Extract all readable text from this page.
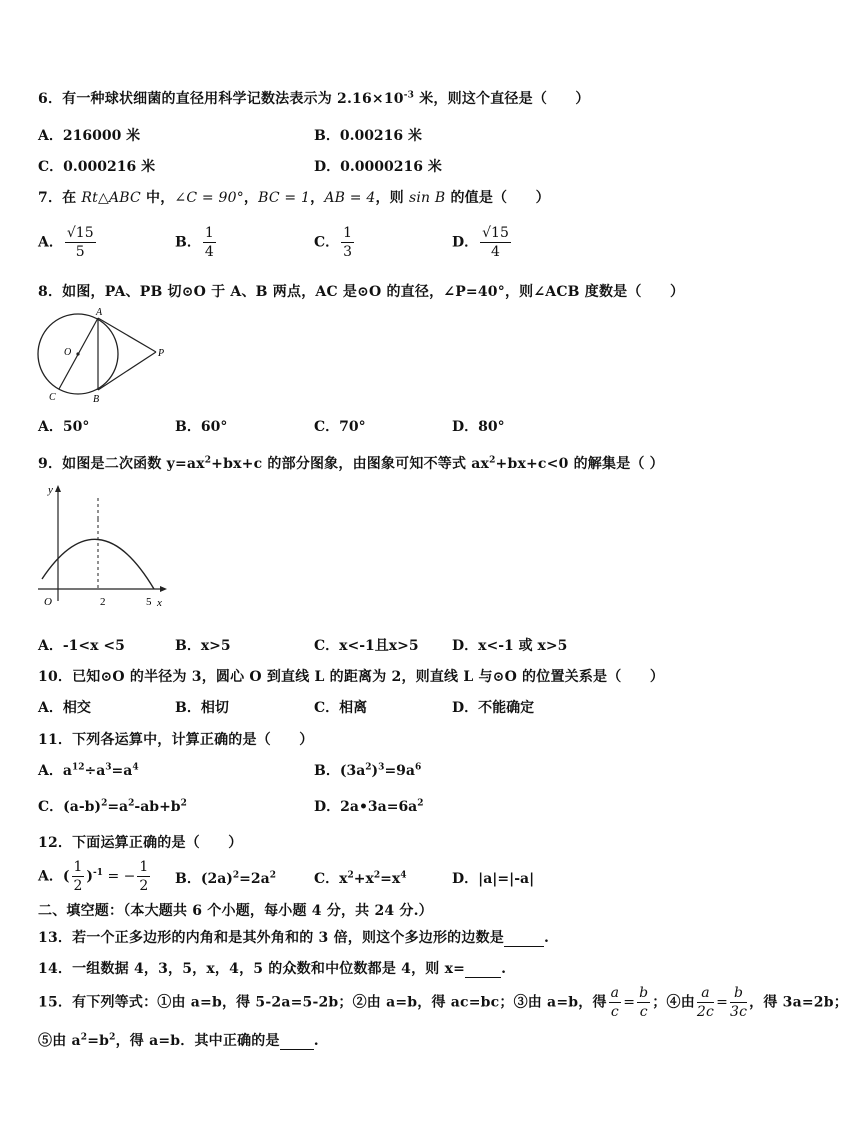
6．有一种球状细菌的直径用科学记数法表示为 $2.16\times 10^{-3}$ 米，则这个直径是（　　）
A．216000 米	B．0.00216 米
C．0.000216 米	D．0.0000216 米
7．在 Rt△ABC 中，∠C = 90°，BC = 1，AB = 4，则 sin B 的值是（　　）
A． $\frac{√15}{5}$	B． $\frac{1}{4}$	C． $\frac{1}{3}$	D． $\frac{√15}{4}$
8．如图，PA、PB 切⊙O 于 A、B 两点，AC 是⊙O 的直径，∠P=40°，则∠ACB 度数是（　　）
A
B
C
O	P
A．50°	B．60°	C．70°	D．80°
9．如图是二次函数 $y=ax^2+bx+c$ 的部分图象，由图象可知不等式 $ax^2+bx+c<0$ 的解集是（ ）
y
x
O	2	5
A．-1<x <5	B．x>5	C．x<-1且x>5 D．x<-1 或 x>5
10．已知⊙O 的半径为 3，圆心 O 到直线 L 的距离为 2，则直线 L 与⊙O 的位置关系是（　　）
A．相交	B．相切	C．相离	D．不能确定
11．下列各运算中，计算正确的是（　　）
A．$a^{12}\div a^3=a^4$	B．$(3a^2)^3=9a^6$
C．$(a-b)^2=a^2-ab+b^2$	D．$2a•3a=6a^2$
12．下面运算正确的是（　　）
A．( $\frac{1}{2} )^{-1}$ = − $\frac{1}{2}$ B．$(2a)^2=2a^2$	C．$x^2+x^2=x^4$	D．|a|=|-a|
二、填空题：（本大题共 6 个小题，每小题 4 分，共 24 分.）
13．若一个正多边形的内角和是其外角和的 3 倍，则这个多边形的边数是	.
14．一组数据 4，3，5，x，4，5 的众数和中位数都是 4，则 x=	.
15．有下列等式：①由 a=b，得 5-2a=5-2b；②由 a=b，得 ac=bc；③由 a=b，得 $\frac{a}{c} = \frac{b}{c}$ ；④由 $\frac{a}{2c} = \frac{b}{3c}$ ，得 3a=2b；
⑤由 $a^2=b^2$，得 a=b．其中正确的是 .
